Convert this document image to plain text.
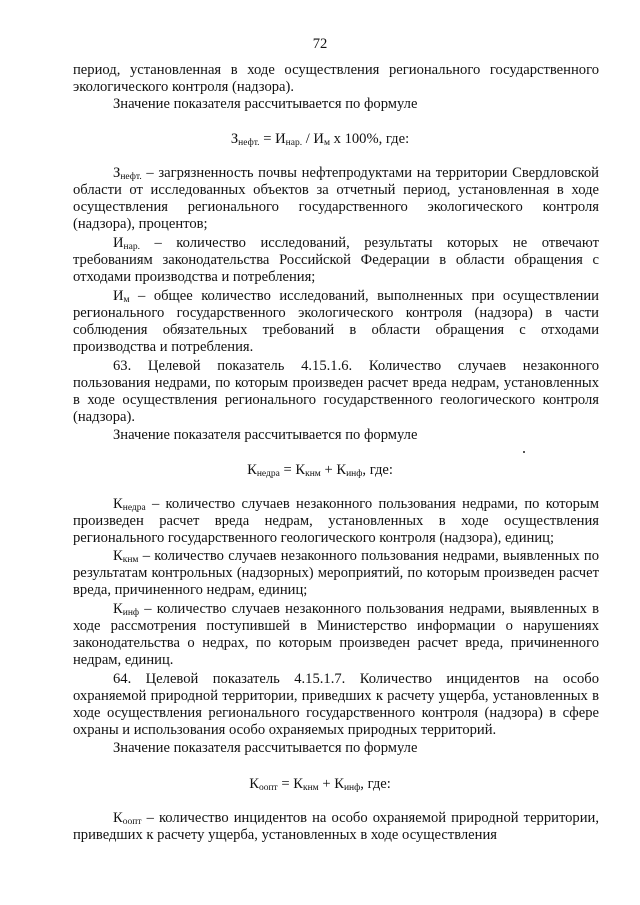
72
период, установленная в ходе осуществления регионального государственного экологического контроля (надзора).
Значение показателя рассчитывается по формуле
$З_{нефт.} = И_{нар.} / И_м$ x 100%, где:
$З_{нефт.}$ – загрязненность почвы нефтепродуктами на территории Свердловской области от исследованных объектов за отчетный период, установленная в ходе осуществления регионального государственного экологического контроля (надзора), процентов;
$И_{нар.}$ – количество исследований, результаты которых не отвечают требованиям законодательства Российской Федерации в области обращения с отходами производства и потребления;
$И_м$ – общее количество исследований, выполненных при осуществлении регионального государственного экологического контроля (надзора) в части соблюдения обязательных требований в области обращения с отходами производства и потребления.
63. Целевой показатель 4.15.1.6. Количество случаев незаконного пользования недрами, по которым произведен расчет вреда недрам, установленных в ходе осуществления регионального государственного геологического контроля (надзора).
Значение показателя рассчитывается по формуле
$К_{недра} = К_{кнм} + К_{инф}$, где:
$К_{недра}$ – количество случаев незаконного пользования недрами, по которым произведен расчет вреда недрам, установленных в ходе осуществления регионального государственного геологического контроля (надзора), единиц;
$К_{кнм}$ – количество случаев незаконного пользования недрами, выявленных по результатам контрольных (надзорных) мероприятий, по которым произведен расчет вреда, причиненного недрам, единиц;
$К_{инф}$ – количество случаев незаконного пользования недрами, выявленных в ходе рассмотрения поступившей в Министерство информации о нарушениях законодательства о недрах, по которым произведен расчет вреда, причиненного недрам, единиц.
64. Целевой показатель 4.15.1.7. Количество инцидентов на особо охраняемой природной территории, приведших к расчету ущерба, установленных в ходе осуществления регионального государственного контроля (надзора) в сфере охраны и использования особо охраняемых природных территорий.
Значение показателя рассчитывается по формуле
$К_{оопт} = К_{кнм} + К_{инф}$, где:
$К_{оопт}$ – количество инцидентов на особо охраняемой природной территории, приведших к расчету ущерба, установленных в ходе осуществления
